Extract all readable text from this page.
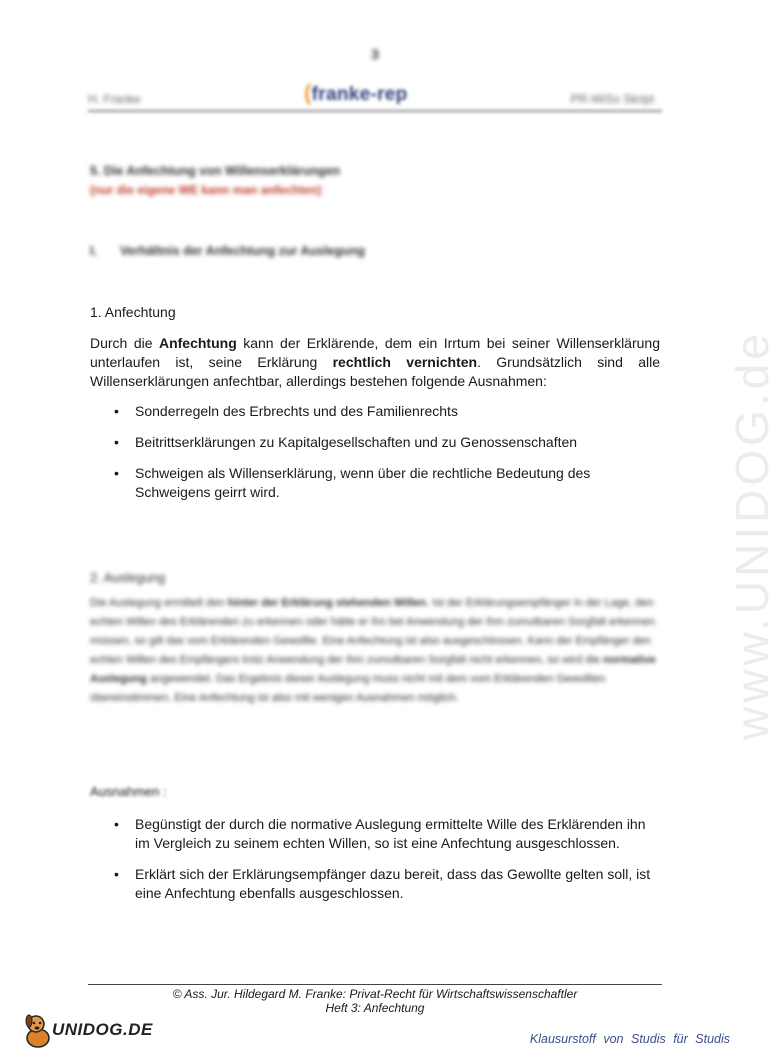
3
H. Franke	(franke-rep	PR-WiSo Skript
5. Die Anfechtung von Willenserklärungen
(nur die eigene WE kann man anfechten)
I. Verhältnis der Anfechtung zur Auslegung
1. Anfechtung
Durch die Anfechtung kann der Erklärende, dem ein Irrtum bei seiner Willenserklärung unterlaufen ist, seine Erklärung rechtlich vernichten. Grundsätzlich sind alle Willenserklärungen anfechtbar, allerdings bestehen folgende Ausnahmen:
• Sonderregeln des Erbrechts und des Familienrechts
• Beitrittserklärungen zu Kapitalgesellschaften und zu Genossenschaften
• Schweigen als Willenserklärung, wenn über die rechtliche Bedeutung des Schweigens geirrt wird.
2. Auslegung
Die Auslegung ermittelt den hinter der Erklärung stehenden Willen. Ist der Erklärungsempfänger in der Lage, den echten Willen des Erklärenden zu erkennen oder hätte er ihn bei Anwendung der ihm zumutbaren Sorgfalt erkennen müssen, so gilt das vom Erklärenden Gewollte. Eine Anfechtung ist also ausgeschlossen. Kann der Empfänger den echten Willen des Empfängers trotz Anwendung der ihm zumutbaren Sorgfalt nicht erkennen, so wird die normative Auslegung angewendet. Das Ergebnis dieser Auslegung muss nicht mit dem vom Erklärenden Gewollten übereinstimmen. Eine Anfechtung ist also mit wenigen Ausnahmen möglich.
Ausnahmen :
• Begünstigt der durch die normative Auslegung ermittelte Wille des Erklärenden ihn im Vergleich zu seinem echten Willen, so ist eine Anfechtung ausgeschlossen.
• Erklärt sich der Erklärungsempfänger dazu bereit, dass das Gewollte gelten soll, ist eine Anfechtung ebenfalls ausgeschlossen.
© Ass. Jur. Hildegard M. Franke: Privat-Recht für Wirtschaftswissenschaftler
Heft 3: Anfechtung
UNIDOG.DE	Klausurstoff von Studis für Studis
www.UNIDOG.de
